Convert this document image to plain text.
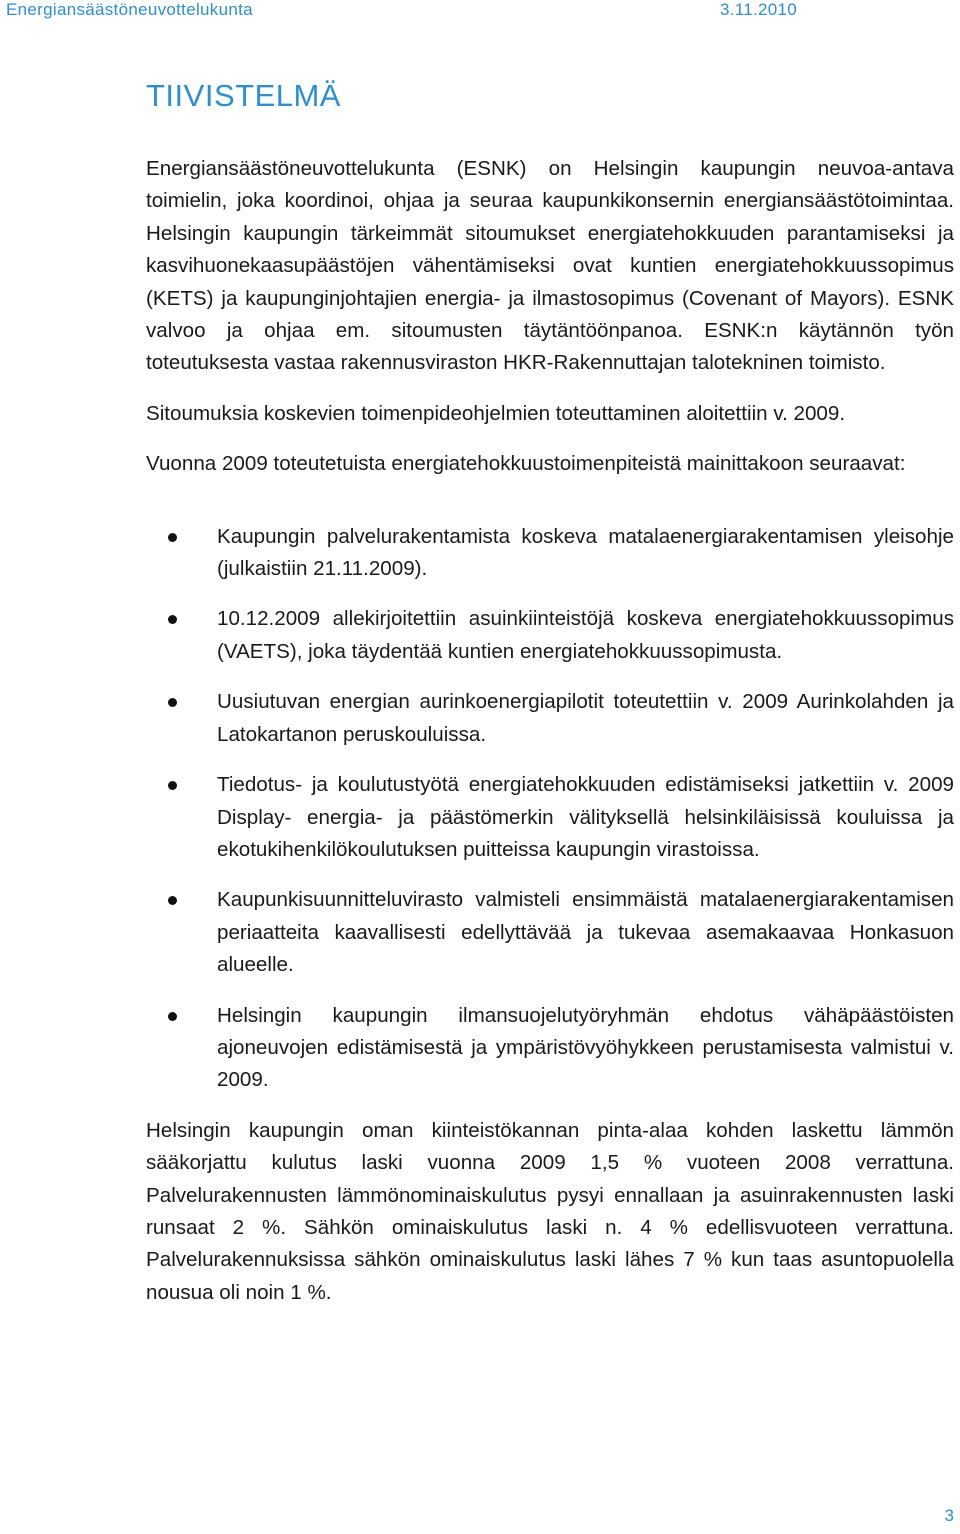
Energiansäästöneuvottelukunta	3.11.2010
TIIVISTELMÄ

Energiansäästöneuvottelukunta (ESNK) on Helsingin kaupungin neuvoa-antava toimielin, joka koordinoi, ohjaa ja seuraa kaupunkikonsernin energiansäästötoimintaa. Helsingin kaupungin tärkeimmät sitoumukset energiatehokkuuden parantamiseksi ja kasvihuonekaasupäästöjen vähentämiseksi ovat kuntien energiatehokkuussopimus (KETS) ja kaupunginjohtajien energia- ja ilmastosopimus (Covenant of Mayors). ESNK valvoo ja ohjaa em. sitoumusten täytäntöönpanoa. ESNK:n käytännön työn toteutuksesta vastaa rakennusviraston HKR-Rakennuttajan talotekninen toimisto.

Sitoumuksia koskevien toimenpideohjelmien toteuttaminen aloitettiin v. 2009.

Vuonna 2009 toteutetuista energiatehokkuustoimenpiteistä mainittakoon seuraavat:

Kaupungin palvelurakentamista koskeva matalaenergiarakentamisen yleisohje (julkaistiin 21.11.2009).
10.12.2009 allekirjoitettiin asuinkiinteistöjä koskeva energiatehokkuussopimus (VAETS), joka täydentää kuntien energiatehokkuussopimusta.
Uusiutuvan energian aurinkoenergiapilotit toteutettiin v. 2009 Aurinkolahden ja Latokartanon peruskouluissa.
Tiedotus- ja koulutustyötä energiatehokkuuden edistämiseksi jatkettiin v. 2009 Display- energia- ja päästömerkin välityksellä helsinkiläisissä kouluissa ja ekotukihenkilökoulutuksen puitteissa kaupungin virastoissa.
Kaupunkisuunnitteluvirasto valmisteli ensimmäistä matalaenergiarakentamisen periaatteita kaavallisesti edellyttävää ja tukevaa asemakaavaa Honkasuon alueelle.
Helsingin kaupungin ilmansuojelutyöryhmän ehdotus vähäpäästöisten ajoneuvojen edistämisestä ja ympäristövyöhykkeen perustamisesta valmistui v. 2009.

Helsingin kaupungin oman kiinteistökannan pinta-alaa kohden laskettu lämmön sääkorjattu kulutus laski vuonna 2009 1,5 % vuoteen 2008 verrattuna. Palvelurakennusten lämmönominaiskulutus pysyi ennallaan ja asuinrakennusten laski runsaat 2 %. Sähkön ominaiskulutus laski n. 4 % edellisvuoteen verrattuna. Palvelurakennuksissa sähkön ominaiskulutus laski lähes 7 % kun taas asuntopuolella nousua oli noin 1 %.

3
